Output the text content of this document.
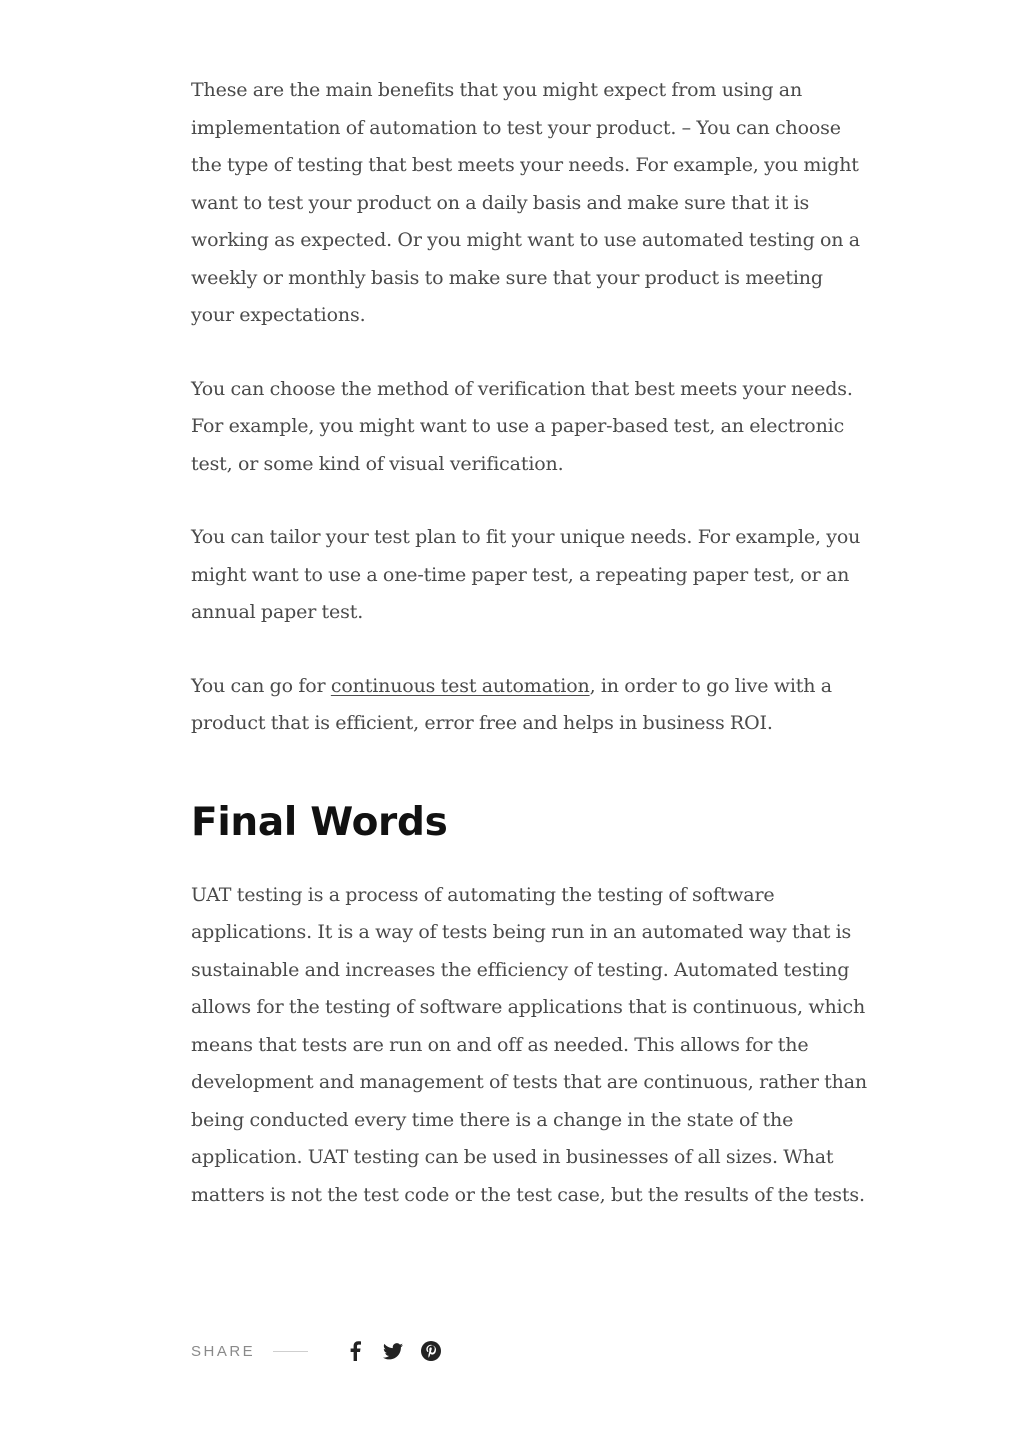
These are the main benefits that you might expect from using an implementation of automation to test your product. – You can choose the type of testing that best meets your needs. For example, you might want to test your product on a daily basis and make sure that it is working as expected. Or you might want to use automated testing on a weekly or monthly basis to make sure that your product is meeting your expectations.

You can choose the method of verification that best meets your needs. For example, you might want to use a paper-based test, an electronic test, or some kind of visual verification.

You can tailor your test plan to fit your unique needs. For example, you might want to use a one-time paper test, a repeating paper test, or an annual paper test.

You can go for continuous test automation, in order to go live with a product that is efficient, error free and helps in business ROI.

Final Words

UAT testing is a process of automating the testing of software applications. It is a way of tests being run in an automated way that is sustainable and increases the efficiency of testing. Automated testing allows for the testing of software applications that is continuous, which means that tests are run on and off as needed. This allows for the development and management of tests that are continuous, rather than being conducted every time there is a change in the state of the application. UAT testing can be used in businesses of all sizes. What matters is not the test code or the test case, but the results of the tests.

SHARE
